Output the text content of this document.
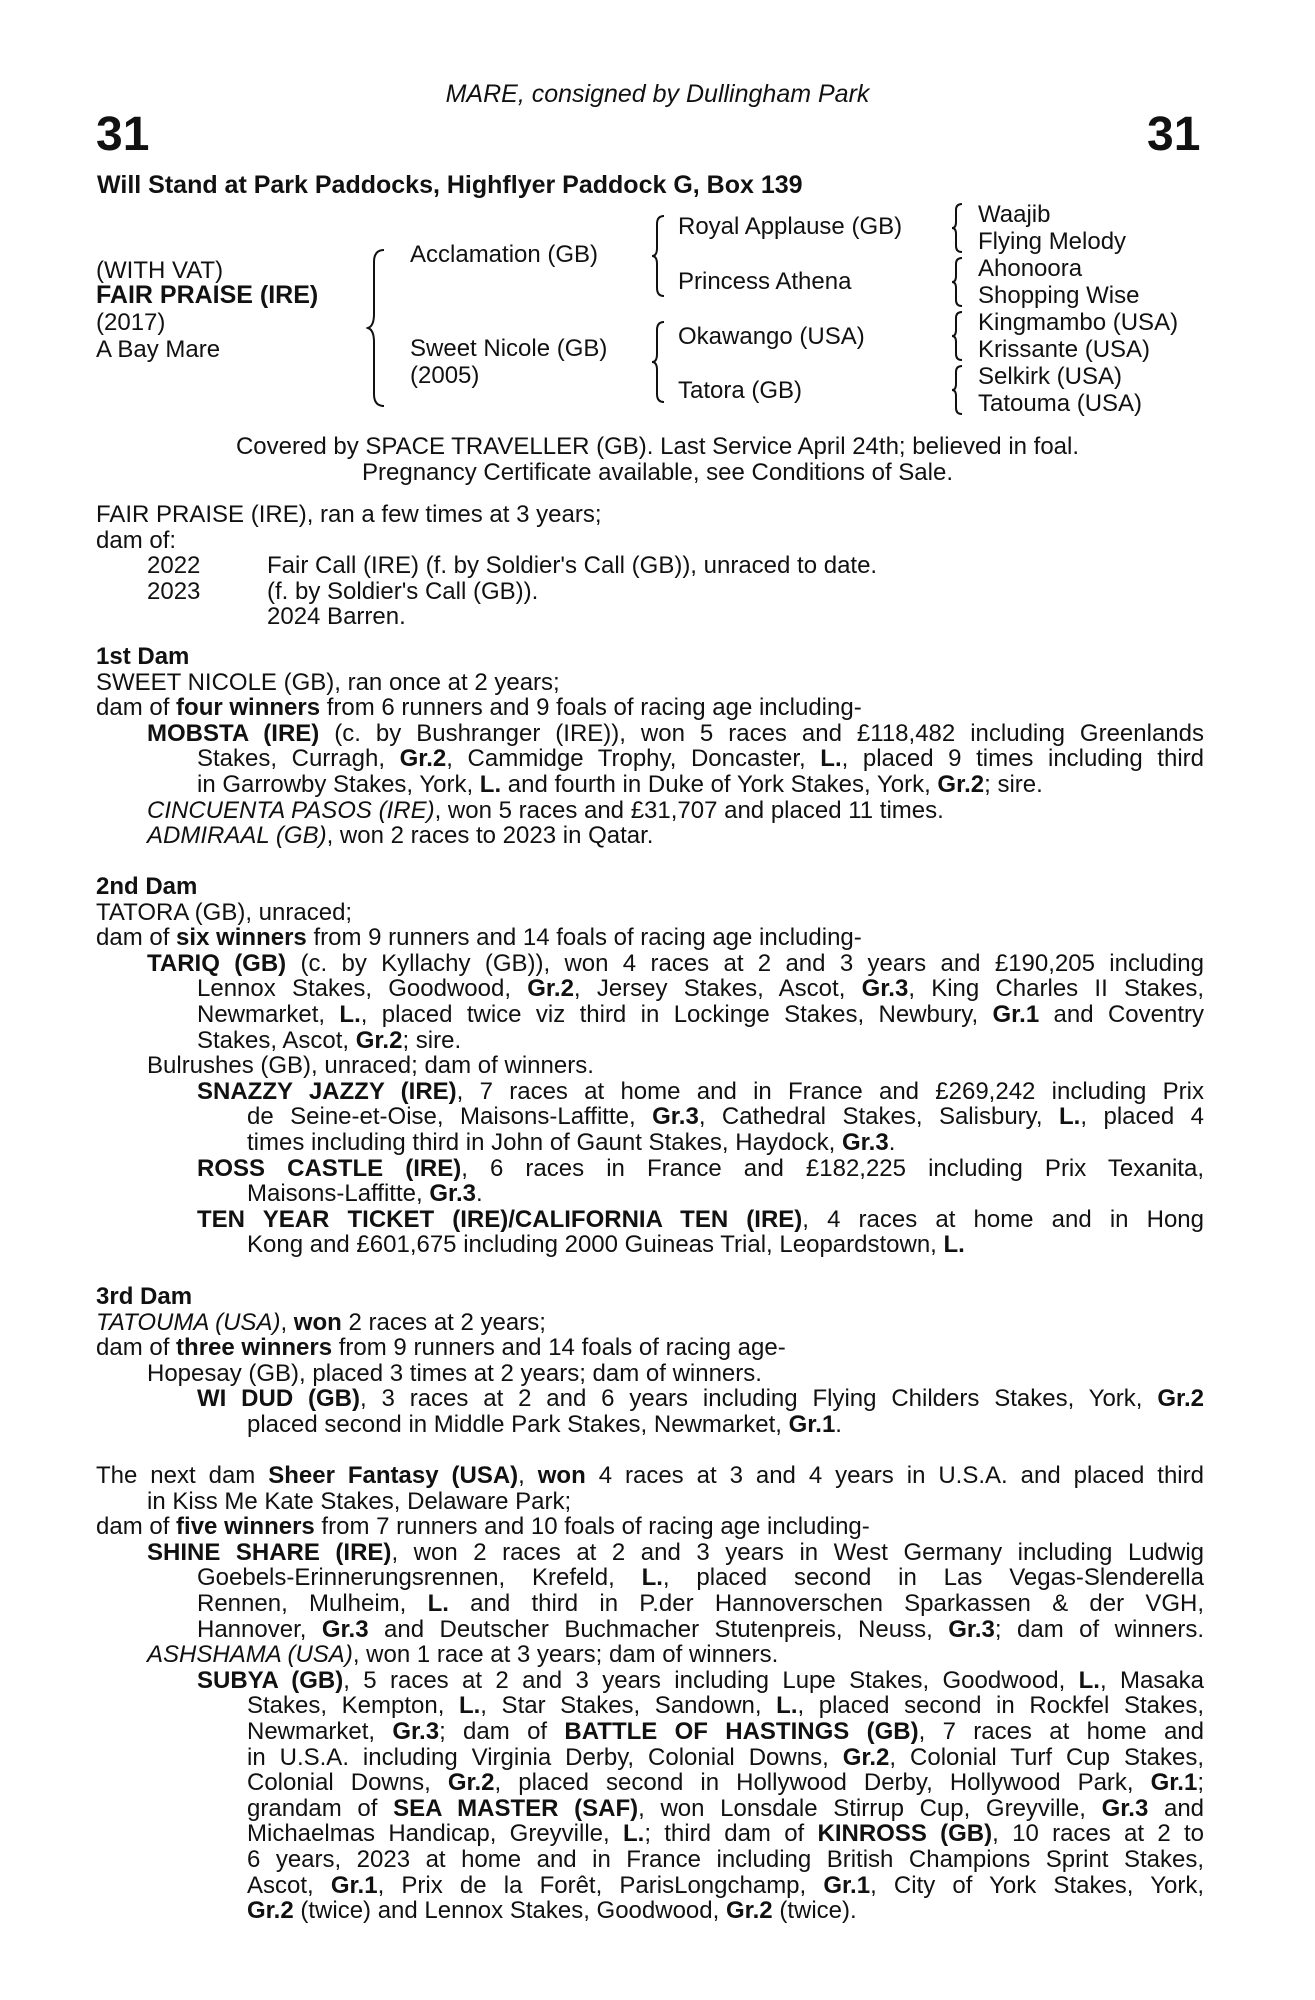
31	31
MARE, consigned by Dullingham Park
Will Stand at Park Paddocks, Highflyer Paddock G, Box 139
(WITH VAT)
FAIR PRAISE (IRE)
(2017)
A Bay Mare
Acclamation (GB)
Sweet Nicole (GB)
(2005)
Royal Applause (GB)
Princess Athena
Okawango (USA)
Tatora (GB)
Waajib
Flying Melody
Ahonoora
Shopping Wise
Kingmambo (USA)
Krissante (USA)
Selkirk (USA)
Tatouma (USA)
Covered by SPACE TRAVELLER (GB). Last Service April 24th; believed in foal.
Pregnancy Certificate available, see Conditions of Sale.
FAIR PRAISE (IRE), ran a few times at 3 years;
dam of:
2022	Fair Call (IRE) (f. by Soldier's Call (GB)), unraced to date.
2023	(f. by Soldier's Call (GB)).
2024 Barren.
1st Dam
SWEET NICOLE (GB), ran once at 2 years;
dam of four winners from 6 runners and 9 foals of racing age including-
MOBSTA (IRE) (c. by Bushranger (IRE)), won 5 races and £118,482 including Greenlands
Stakes, Curragh, Gr.2, Cammidge Trophy, Doncaster, L., placed 9 times including third
in Garrowby Stakes, York, L. and fourth in Duke of York Stakes, York, Gr.2; sire.
CINCUENTA PASOS (IRE), won 5 races and £31,707 and placed 11 times.
ADMIRAAL (GB), won 2 races to 2023 in Qatar.
2nd Dam
TATORA (GB), unraced;
dam of six winners from 9 runners and 14 foals of racing age including-
TARIQ (GB) (c. by Kyllachy (GB)), won 4 races at 2 and 3 years and £190,205 including
Lennox Stakes, Goodwood, Gr.2, Jersey Stakes, Ascot, Gr.3, King Charles II Stakes,
Newmarket, L., placed twice viz third in Lockinge Stakes, Newbury, Gr.1 and Coventry
Stakes, Ascot, Gr.2; sire.
Bulrushes (GB), unraced; dam of winners.
SNAZZY JAZZY (IRE), 7 races at home and in France and £269,242 including Prix
de Seine-et-Oise, Maisons-Laffitte, Gr.3, Cathedral Stakes, Salisbury, L., placed 4
times including third in John of Gaunt Stakes, Haydock, Gr.3.
ROSS CASTLE (IRE), 6 races in France and £182,225 including Prix Texanita,
Maisons-Laffitte, Gr.3.
TEN YEAR TICKET (IRE)/CALIFORNIA TEN (IRE), 4 races at home and in Hong
Kong and £601,675 including 2000 Guineas Trial, Leopardstown, L.
3rd Dam
TATOUMA (USA), won 2 races at 2 years;
dam of three winners from 9 runners and 14 foals of racing age-
Hopesay (GB), placed 3 times at 2 years; dam of winners.
WI DUD (GB), 3 races at 2 and 6 years including Flying Childers Stakes, York, Gr.2
placed second in Middle Park Stakes, Newmarket, Gr.1.
The next dam Sheer Fantasy (USA), won 4 races at 3 and 4 years in U.S.A. and placed third
in Kiss Me Kate Stakes, Delaware Park;
dam of five winners from 7 runners and 10 foals of racing age including-
SHINE SHARE (IRE), won 2 races at 2 and 3 years in West Germany including Ludwig
Goebels-Erinnerungsrennen, Krefeld, L., placed second in Las Vegas-Slenderella
Rennen, Mulheim, L. and third in P.der Hannoverschen Sparkassen & der VGH,
Hannover, Gr.3 and Deutscher Buchmacher Stutenpreis, Neuss, Gr.3; dam of winners.
ASHSHAMA (USA), won 1 race at 3 years; dam of winners.
SUBYA (GB), 5 races at 2 and 3 years including Lupe Stakes, Goodwood, L., Masaka
Stakes, Kempton, L., Star Stakes, Sandown, L., placed second in Rockfel Stakes,
Newmarket, Gr.3; dam of BATTLE OF HASTINGS (GB), 7 races at home and
in U.S.A. including Virginia Derby, Colonial Downs, Gr.2, Colonial Turf Cup Stakes,
Colonial Downs, Gr.2, placed second in Hollywood Derby, Hollywood Park, Gr.1;
grandam of SEA MASTER (SAF), won Lonsdale Stirrup Cup, Greyville, Gr.3 and
Michaelmas Handicap, Greyville, L.; third dam of KINROSS (GB), 10 races at 2 to
6 years, 2023 at home and in France including British Champions Sprint Stakes,
Ascot, Gr.1, Prix de la Forêt, ParisLongchamp, Gr.1, City of York Stakes, York,
Gr.2 (twice) and Lennox Stakes, Goodwood, Gr.2 (twice).
